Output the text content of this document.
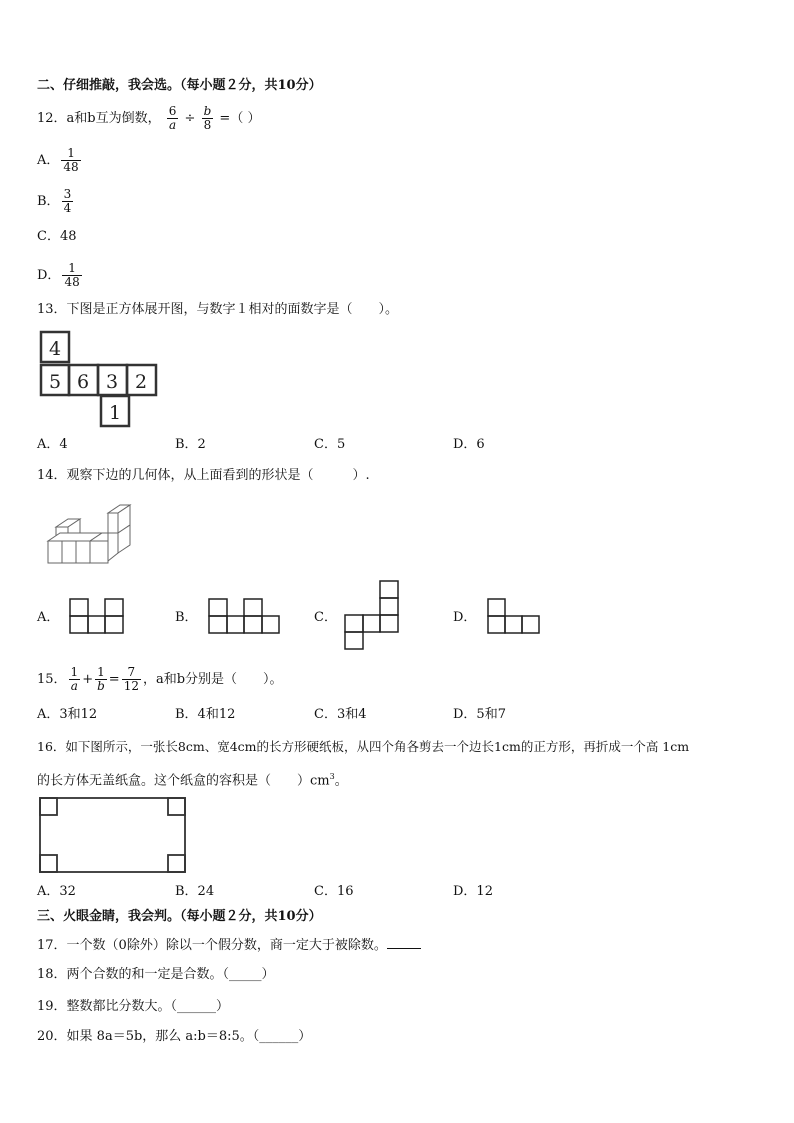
二、仔细推敲，我会选。（每小题２分，共10分）
12．a和b互为倒数， $\frac{6}{a} \div \frac{b}{8}$ =（ ）
A． $\frac{1}{48}$
B． $\frac{3}{4}$
C．48
D． $\frac{1}{48}$
13．下图是正方体展开图，与数字１相对的面数字是（　　）。
4
5 6 3 2
1
A．4	B．2	C．5	D．6
14．观察下边的几何体，从上面看到的形状是（　　　）.
A．	B．	C．	D．
15． $\frac{1}{a} + \frac{1}{b} = \frac{7}{12}$ ，a和b分别是（　　）。
A．3和12	B．4和12	C．3和4	D．5和7
16．如下图所示，一张长8cm、宽4cm的长方形硬纸板，从四个角各剪去一个边长1cm的正方形，再折成一个高 1cm
的长方体无盖纸盒。这个纸盒的容积是（　　）$cm^3$。
A．32	B．24	C．16	D．12
三、火眼金睛，我会判。（每小题２分，共10分）
17．一个数（0除外）除以一个假分数，商一定大于被除数。
18．两个合数的和一定是合数。（_____）
19．整数都比分数大。（______）
20．如果 8a＝5b，那么 a:b＝8:5。（______）
